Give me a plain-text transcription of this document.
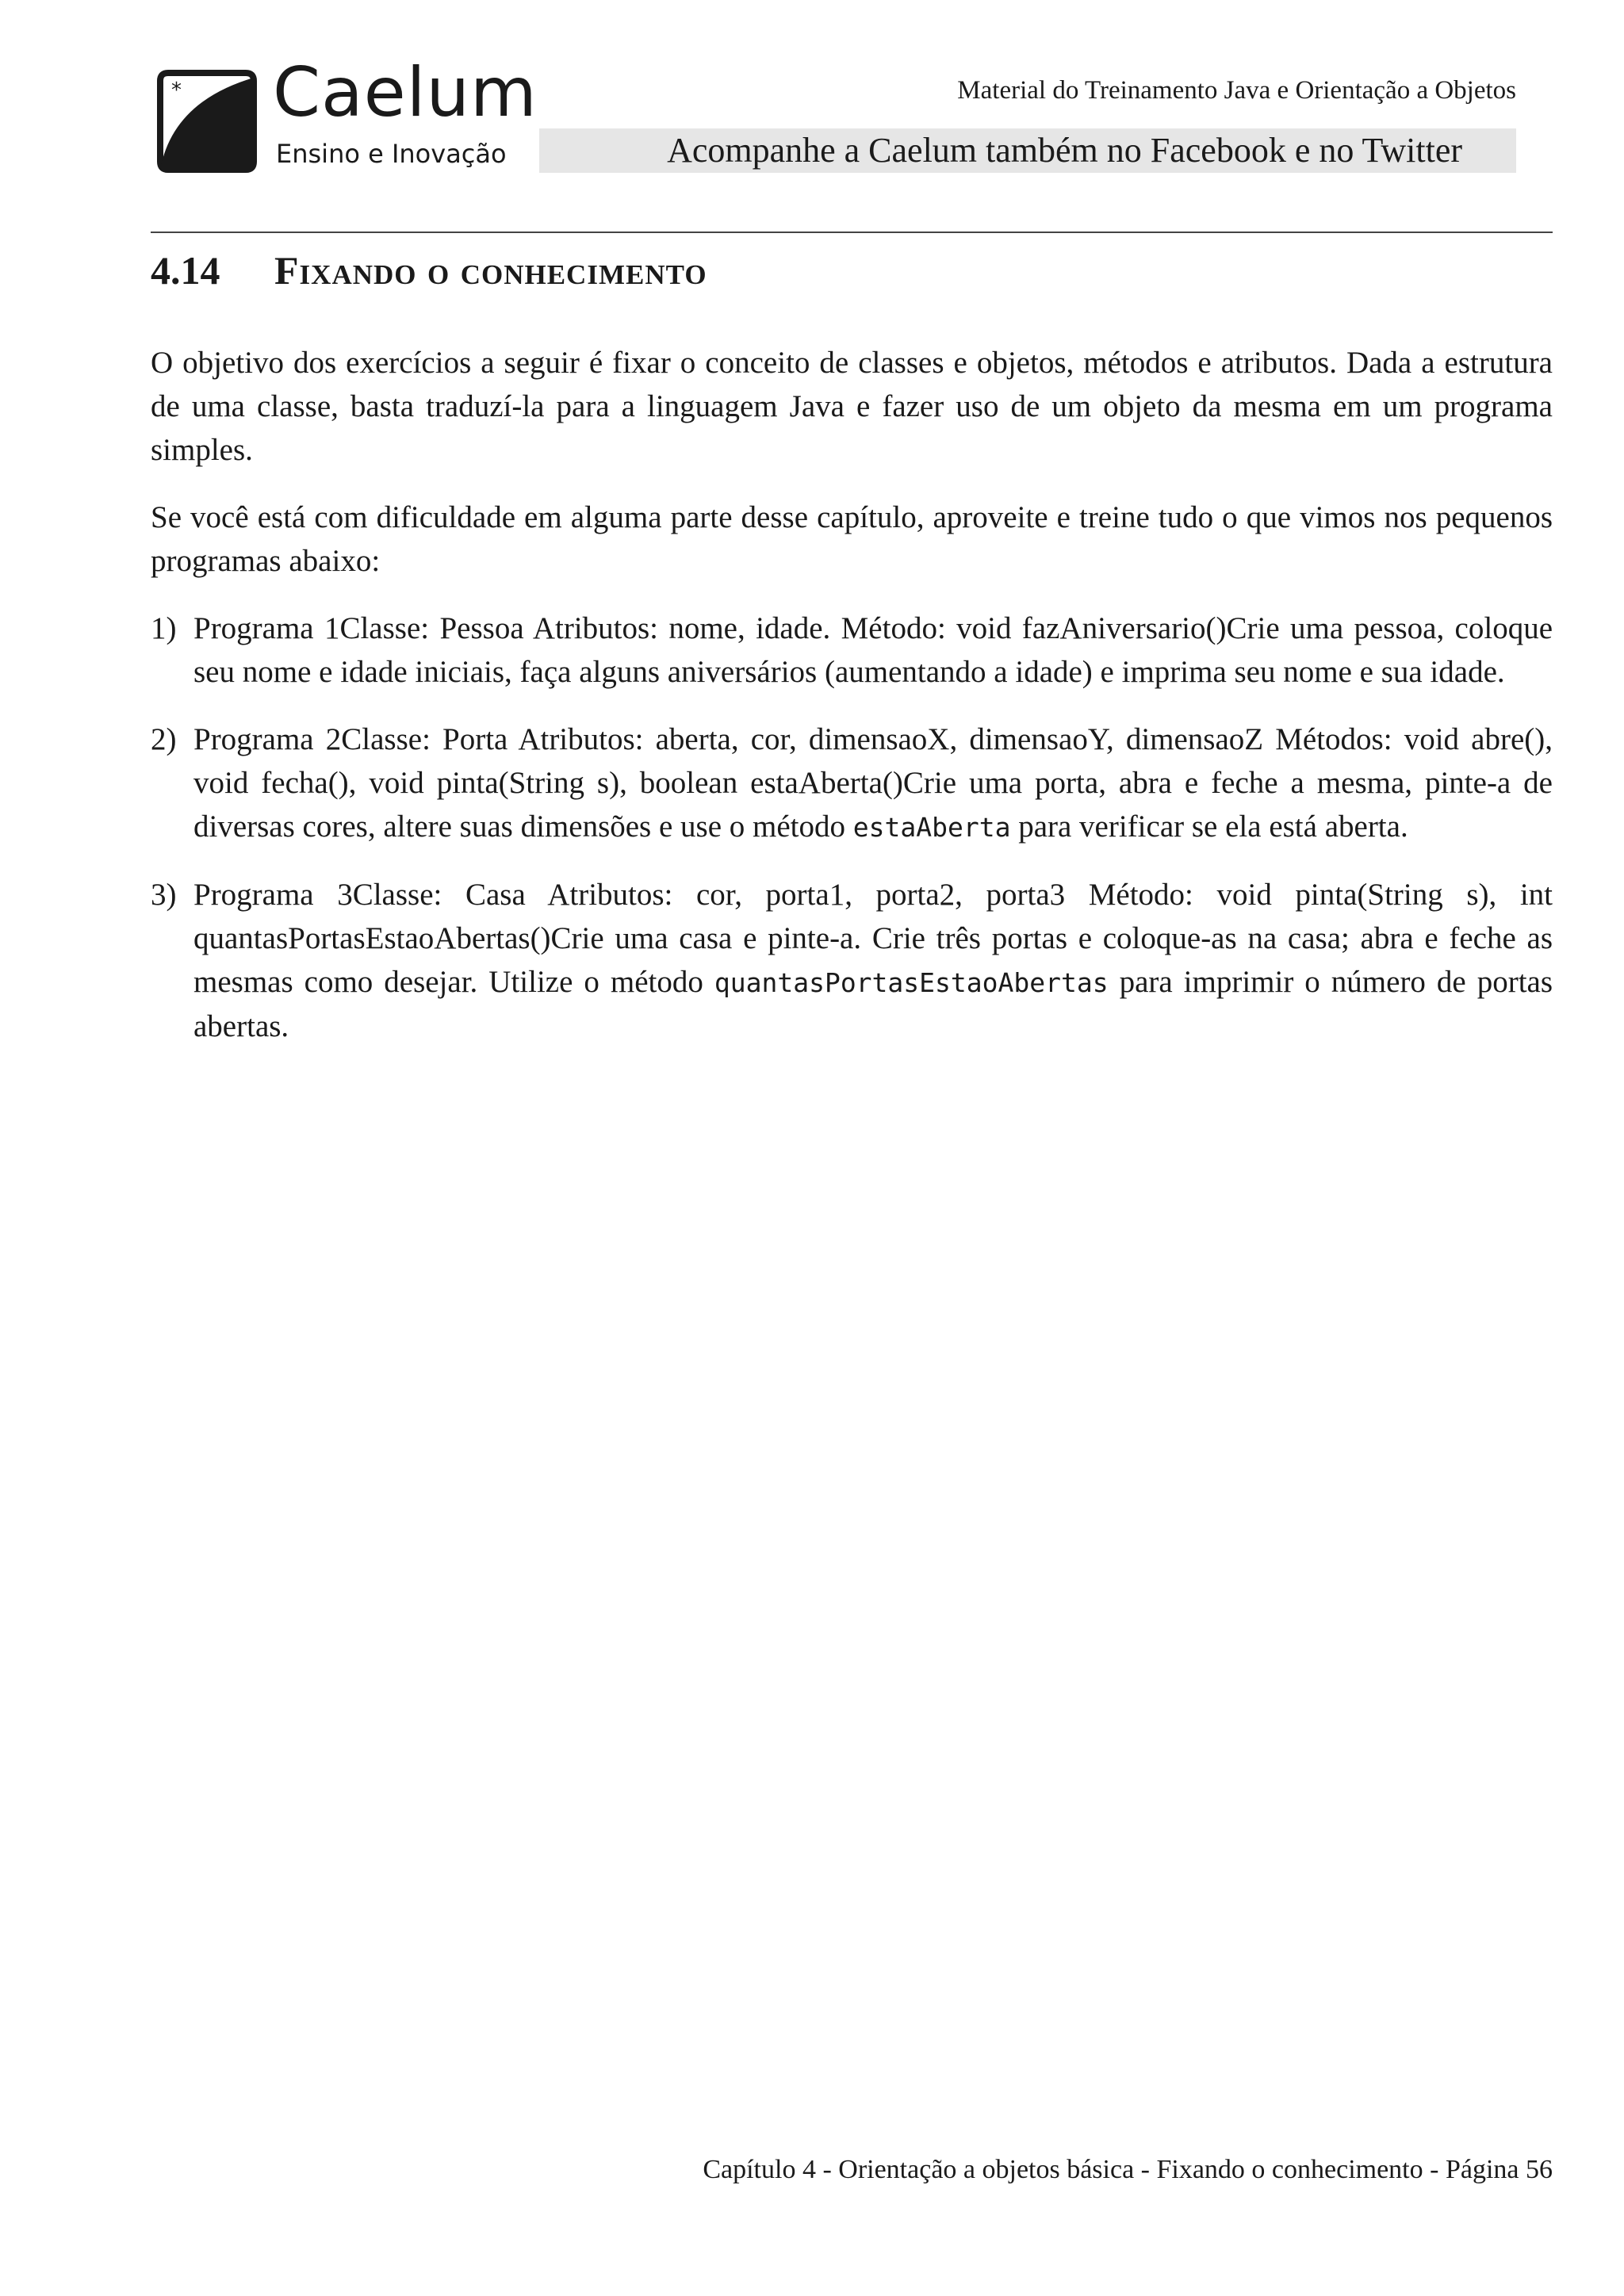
* Caelum
Ensino e Inovação
Material do Treinamento Java e Orientação a Objetos
Acompanhe a Caelum também no Facebook e no Twitter
4.14 Fixando o conhecimento

O objetivo dos exercícios a seguir é fixar o conceito de classes e objetos, métodos e atributos. Dada a estrutura de uma classe, basta traduzí-la para a linguagem Java e fazer uso de um objeto da mesma em um programa simples.

Se você está com dificuldade em alguma parte desse capítulo, aproveite e treine tudo o que vimos nos pequenos programas abaixo:

1) Programa 1Classe: Pessoa Atributos: nome, idade. Método: void fazAniversario()Crie uma pessoa, coloque seu nome e idade iniciais, faça alguns aniversários (aumentando a idade) e imprima seu nome e sua idade.
2) Programa 2Classe: Porta Atributos: aberta, cor, dimensaoX, dimensaoY, dimensaoZ Métodos: void abre(), void fecha(), void pinta(String s), boolean estaAberta()Crie uma porta, abra e feche a mesma, pinte-a de diversas cores, altere suas dimensões e use o método estaAberta para verificar se ela está aberta.
3) Programa 3Classe: Casa Atributos: cor, porta1, porta2, porta3 Método: void pinta(String s), int quantasPortasEstaoAbertas()Crie uma casa e pinte-a. Crie três portas e coloque-as na casa; abra e feche as mesmas como desejar. Utilize o método quantasPortasEstaoAbertas para imprimir o número de portas abertas.
Capítulo 4 - Orientação a objetos básica - Fixando o conhecimento - Página 56
